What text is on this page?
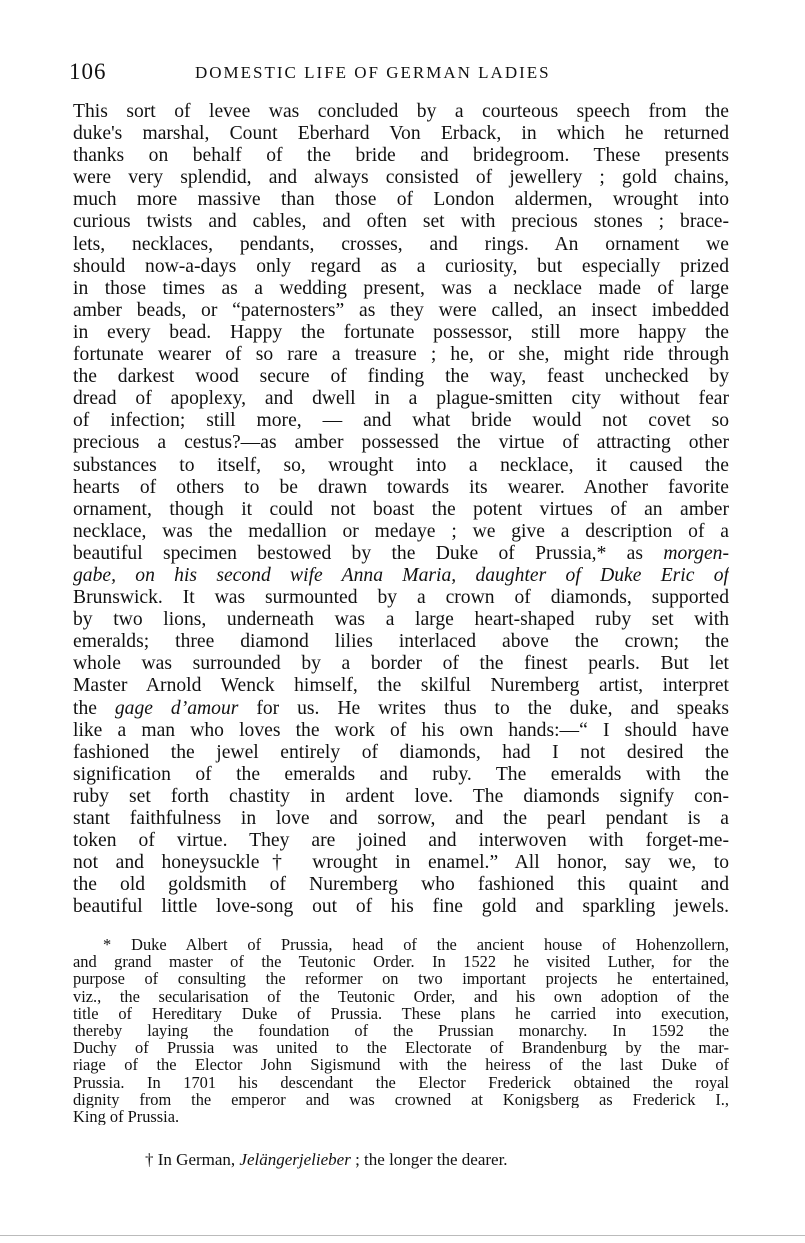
106	DOMESTIC LIFE OF GERMAN LADIES
This sort of levee was concluded by a courteous speech from the
duke's marshal, Count Eberhard Von Erback, in which he returned
thanks on behalf of the bride and bridegroom. These presents
were very splendid, and always consisted of jewellery ; gold chains,
much more massive than those of London aldermen, wrought into
curious twists and cables, and often set with precious stones ; brace-
lets, necklaces, pendants, crosses, and rings. An ornament we
should now-a-days only regard as a curiosity, but especially prized
in those times as a wedding present, was a necklace made of large
amber beads, or “paternosters” as they were called, an insect imbedded
in every bead. Happy the fortunate possessor, still more happy the
fortunate wearer of so rare a treasure ; he, or she, might ride through
the darkest wood secure of finding the way, feast unchecked by
dread of apoplexy, and dwell in a plague-smitten city without fear
of infection; still more, — and what bride would not covet so
precious a cestus?—as amber possessed the virtue of attracting other
substances to itself, so, wrought into a necklace, it caused the
hearts of others to be drawn towards its wearer. Another favorite
ornament, though it could not boast the potent virtues of an amber
necklace, was the medallion or medaye ; we give a description of a
beautiful specimen bestowed by the Duke of Prussia,* as morgen-
gabe, on his second wife Anna Maria, daughter of Duke Eric of
Brunswick. It was surmounted by a crown of diamonds, supported
by two lions, underneath was a large heart-shaped ruby set with
emeralds; three diamond lilies interlaced above the crown; the
whole was surrounded by a border of the finest pearls. But let
Master Arnold Wenck himself, the skilful Nuremberg artist, interpret
the gage d’amour for us. He writes thus to the duke, and speaks
like a man who loves the work of his own hands:—“ I should have
fashioned the jewel entirely of diamonds, had I not desired the
signification of the emeralds and ruby. The emeralds with the
ruby set forth chastity in ardent love. The diamonds signify con-
stant faithfulness in love and sorrow, and the pearl pendant is a
token of virtue. They are joined and interwoven with forget-me-
not and honeysuckle† wrought in enamel.” All honor, say we, to
the old goldsmith of Nuremberg who fashioned this quaint and
beautiful little love-song out of his fine gold and sparkling jewels.
* Duke Albert of Prussia, head of the ancient house of Hohenzollern,
and grand master of the Teutonic Order. In 1522 he visited Luther, for the
purpose of consulting the reformer on two important projects he entertained,
viz., the secularisation of the Teutonic Order, and his own adoption of the
title of Hereditary Duke of Prussia. These plans he carried into execution,
thereby laying the foundation of the Prussian monarchy. In 1592 the
Duchy of Prussia was united to the Electorate of Brandenburg by the mar-
riage of the Elector John Sigismund with the heiress of the last Duke of
Prussia. In 1701 his descendant the Elector Frederick obtained the royal
dignity from the emperor and was crowned at Konigsberg as Frederick I.,
King of Prussia.
† In German, Jelängerjelieber ; the longer the dearer.
